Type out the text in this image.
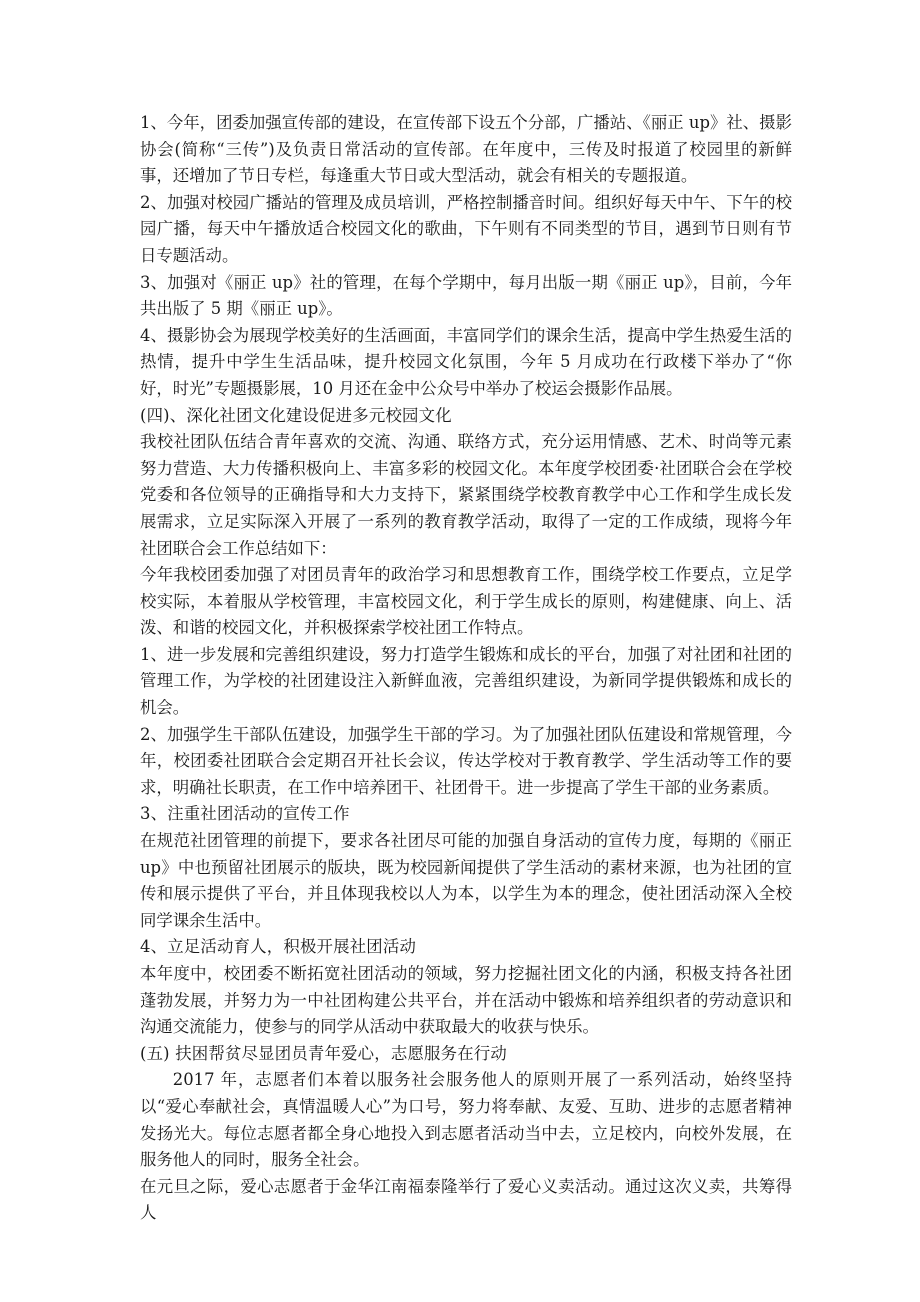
1、今年，团委加强宣传部的建设，在宣传部下设五个分部，广播站、《丽正 up》社、摄影协会(简称“三传”)及负责日常活动的宣传部。在年度中，三传及时报道了校园里的新鲜事，还增加了节日专栏，每逢重大节日或大型活动，就会有相关的专题报道。

2、加强对校园广播站的管理及成员培训，严格控制播音时间。组织好每天中午、下午的校园广播，每天中午播放适合校园文化的歌曲，下午则有不同类型的节目，遇到节日则有节日专题活动。

3、加强对《丽正 up》社的管理，在每个学期中，每月出版一期《丽正 up》，目前，今年共出版了 5 期《丽正 up》。

4、摄影协会为展现学校美好的生活画面，丰富同学们的课余生活，提高中学生热爱生活的热情，提升中学生生活品味，提升校园文化氛围，今年 5 月成功在行政楼下举办了“你好，时光”专题摄影展，10 月还在金中公众号中举办了校运会摄影作品展。

(四)、深化社团文化建设促进多元校园文化

我校社团队伍结合青年喜欢的交流、沟通、联络方式，充分运用情感、艺术、时尚等元素努力营造、大力传播积极向上、丰富多彩的校园文化。本年度学校团委·社团联合会在学校党委和各位领导的正确指导和大力支持下，紧紧围绕学校教育教学中心工作和学生成长发展需求，立足实际深入开展了一系列的教育教学活动，取得了一定的工作成绩，现将今年社团联合会工作总结如下：

今年我校团委加强了对团员青年的政治学习和思想教育工作，围绕学校工作要点，立足学校实际，本着服从学校管理，丰富校园文化，利于学生成长的原则，构建健康、向上、活泼、和谐的校园文化，并积极探索学校社团工作特点。

1、进一步发展和完善组织建设，努力打造学生锻炼和成长的平台，加强了对社团和社团的管理工作，为学校的社团建设注入新鲜血液，完善组织建设，为新同学提供锻炼和成长的机会。

2、加强学生干部队伍建设，加强学生干部的学习。为了加强社团队伍建设和常规管理，今年，校团委社团联合会定期召开社长会议，传达学校对于教育教学、学生活动等工作的要求，明确社长职责，在工作中培养团干、社团骨干。进一步提高了学生干部的业务素质。

3、注重社团活动的宣传工作

在规范社团管理的前提下，要求各社团尽可能的加强自身活动的宣传力度，每期的《丽正 up》中也预留社团展示的版块，既为校园新闻提供了学生活动的素材来源，也为社团的宣传和展示提供了平台，并且体现我校以人为本，以学生为本的理念，使社团活动深入全校同学课余生活中。

4、立足活动育人，积极开展社团活动

本年度中，校团委不断拓宽社团活动的领域，努力挖掘社团文化的内涵，积极支持各社团蓬勃发展，并努力为一中社团构建公共平台，并在活动中锻炼和培养组织者的劳动意识和沟通交流能力，使参与的同学从活动中获取最大的收获与快乐。

(五) 扶困帮贫尽显团员青年爱心，志愿服务在行动

2017 年，志愿者们本着以服务社会服务他人的原则开展了一系列活动，始终坚持以“爱心奉献社会，真情温暖人心”为口号，努力将奉献、友爱、互助、进步的志愿者精神发扬光大。每位志愿者都全身心地投入到志愿者活动当中去，立足校内，向校外发展，在服务他人的同时，服务全社会。

在元旦之际，爱心志愿者于金华江南福泰隆举行了爱心义卖活动。通过这次义卖，共筹得人
